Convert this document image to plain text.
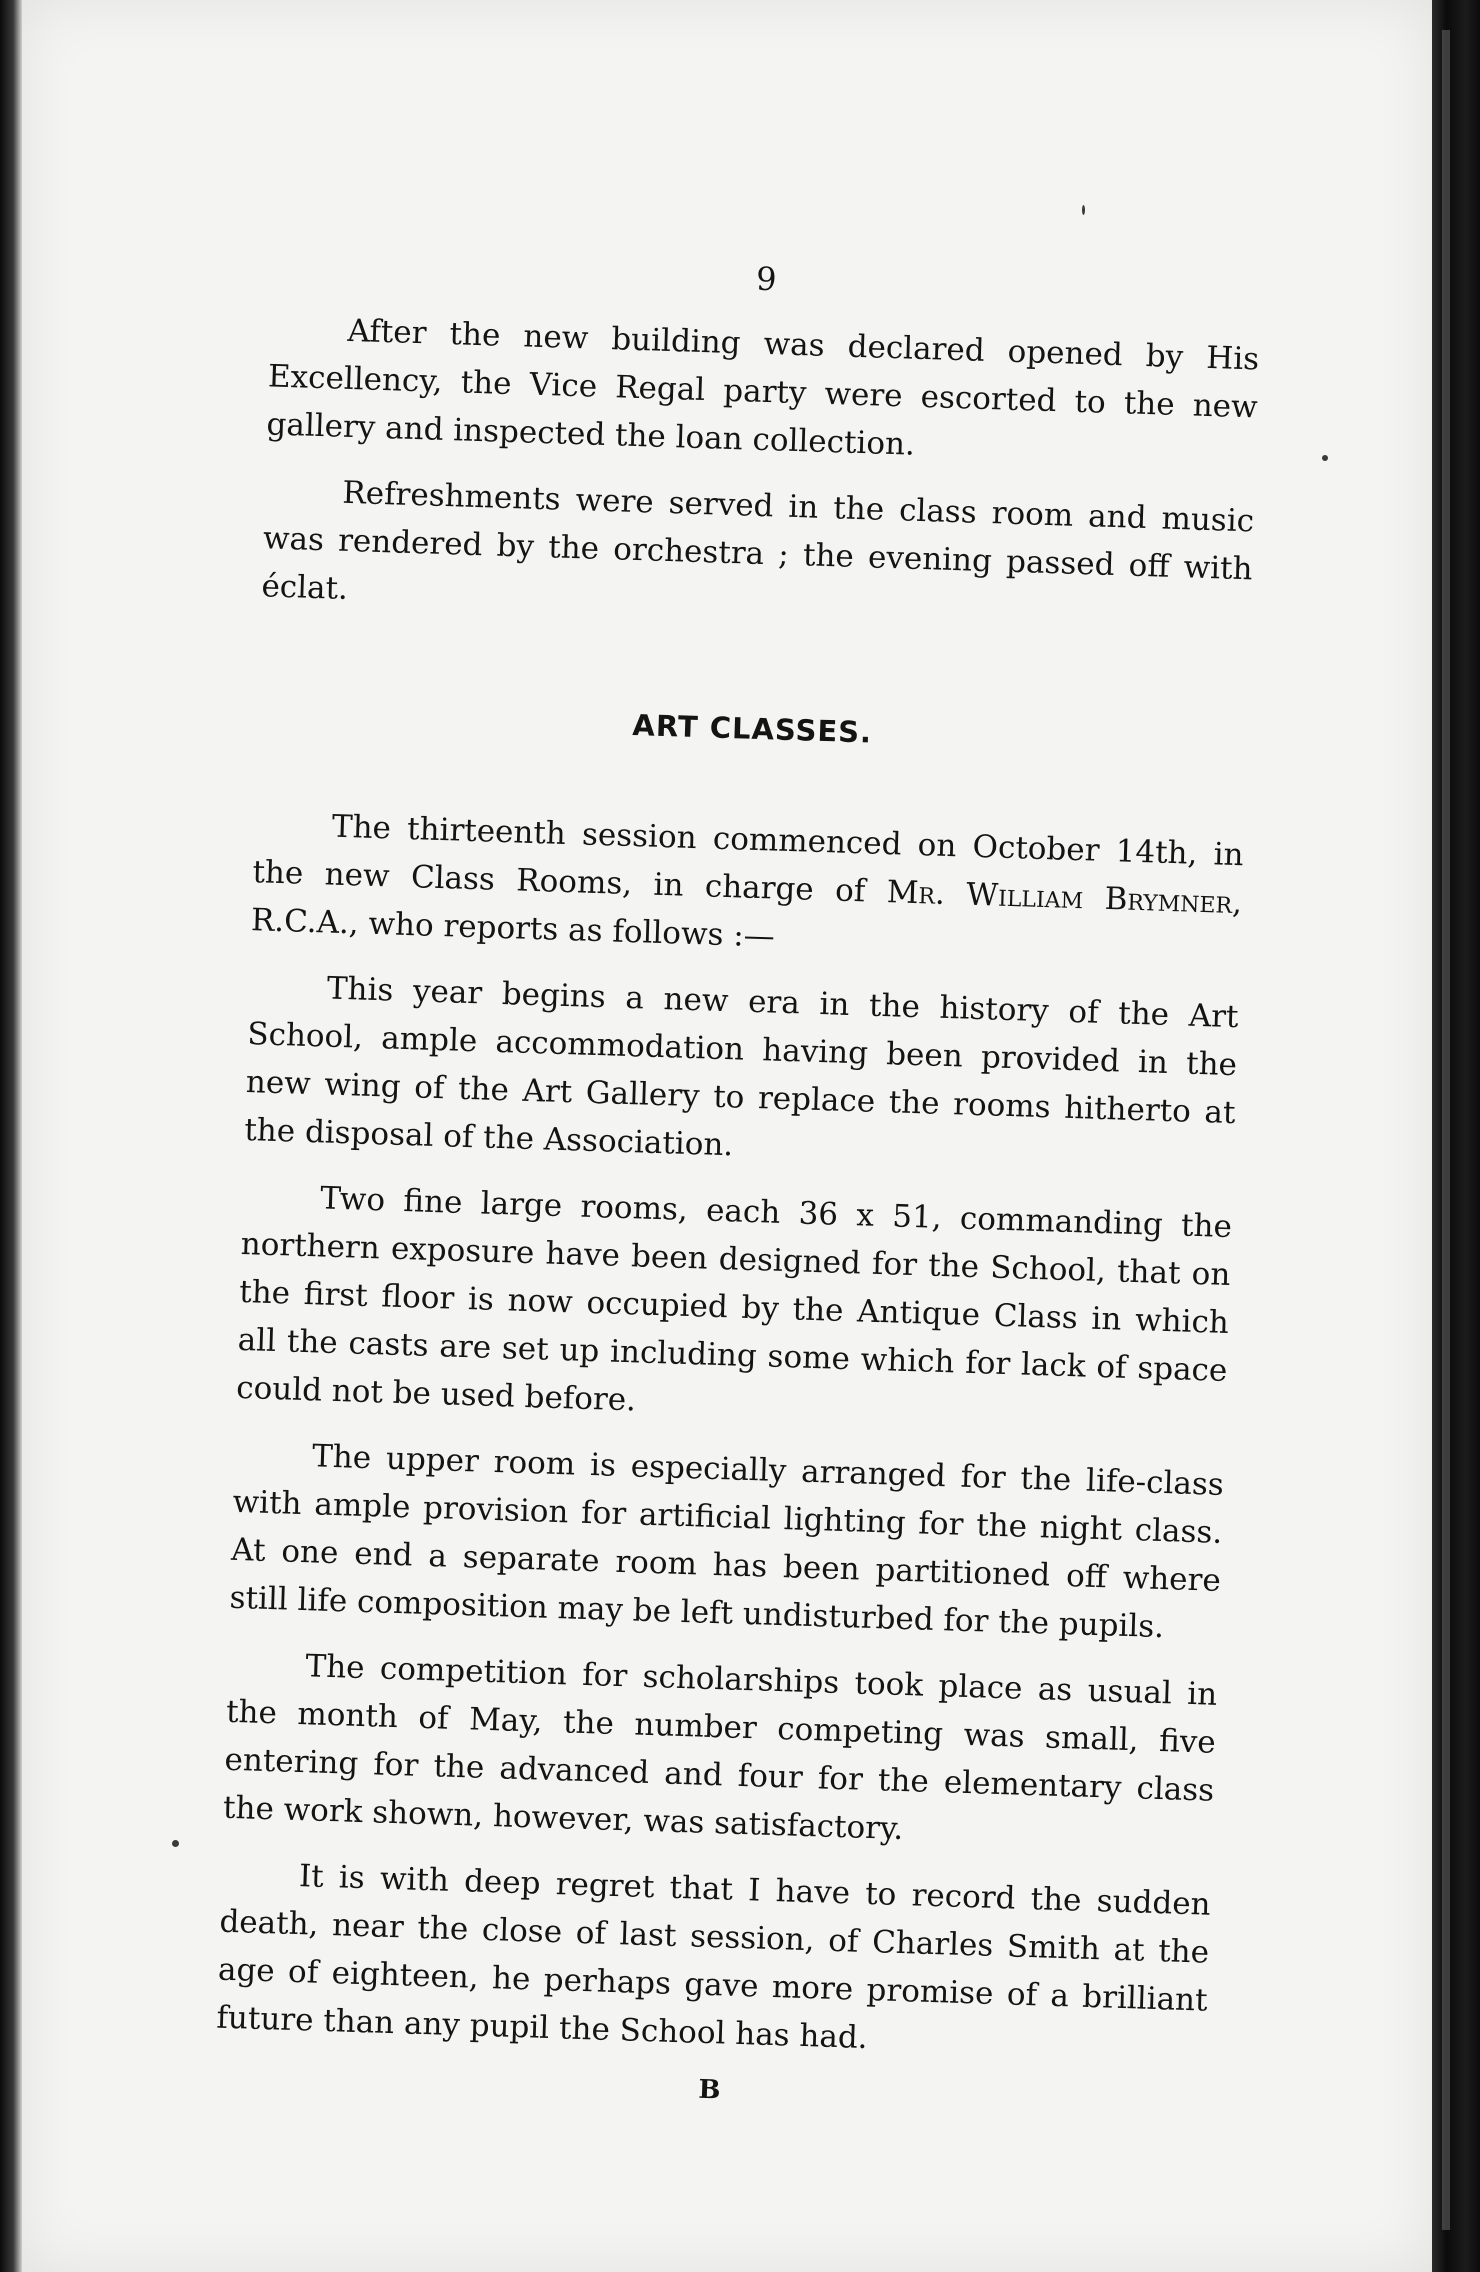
9

After the new building was declared opened by His Excellency, the Vice Regal party were escorted to the new gallery and inspected the loan collection.

Refreshments were served in the class room and music was rendered by the orchestra ; the evening passed off with éclat.

ART CLASSES.

The thirteenth session commenced on October 14th, in the new Class Rooms, in charge of Mr. William Brymner, R.C.A., who reports as follows :—

This year begins a new era in the history of the Art School, ample accommodation having been provided in the new wing of the Art Gallery to replace the rooms hitherto at the disposal of the Association.

Two fine large rooms, each 36 x 51, commanding the northern exposure have been designed for the School, that on the first floor is now occupied by the Antique Class in which all the casts are set up including some which for lack of space could not be used before.

The upper room is especially arranged for the life-class with ample provision for artificial lighting for the night class. At one end a separate room has been partitioned off where still life composition may be left undisturbed for the pupils.

The competition for scholarships took place as usual in the month of May, the number competing was small, five entering for the advanced and four for the elementary class the work shown, however, was satisfactory.

It is with deep regret that I have to record the sudden death, near the close of last session, of Charles Smith at the age of eighteen, he perhaps gave more promise of a brilliant future than any pupil the School has had.

B
